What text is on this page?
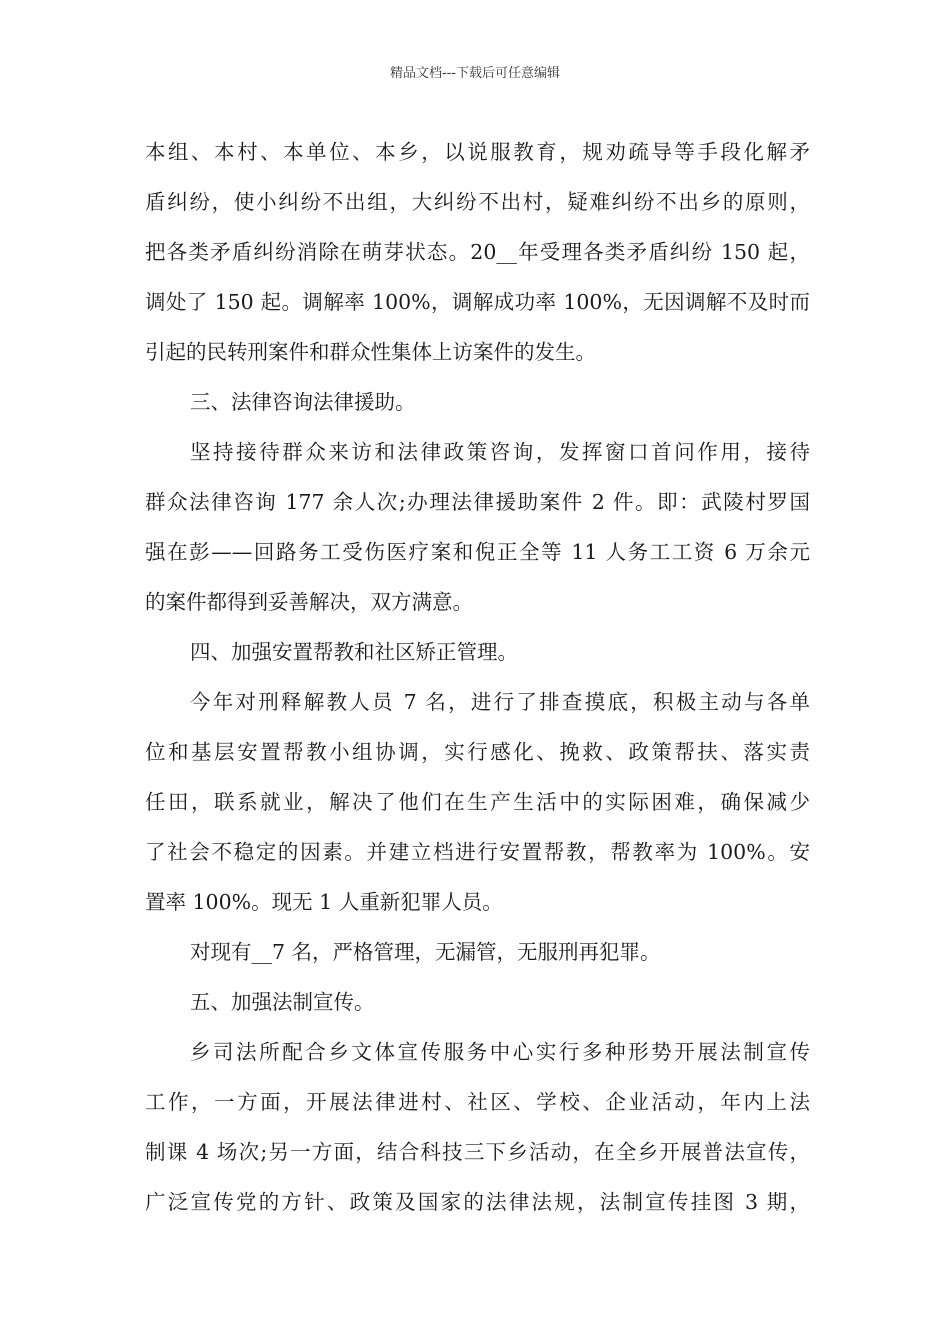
精品文档---下载后可任意编辑
本组、本村、本单位、本乡，以说服教育，规劝疏导等手段化解矛
盾纠纷，使小纠纷不出组，大纠纷不出村，疑难纠纷不出乡的原则，
把各类矛盾纠纷消除在萌芽状态。20__年受理各类矛盾纠纷 150 起，
调处了 150 起。调解率 100%，调解成功率 100%，无因调解不及时而
引起的民转刑案件和群众性集体上访案件的发生。
三、法律咨询法律援助。
坚持接待群众来访和法律政策咨询，发挥窗口首问作用，接待
群众法律咨询 177 余人次;办理法律援助案件 2 件。即：武陵村罗国
强在彭——回路务工受伤医疗案和倪正全等 11 人务工工资 6 万余元
的案件都得到妥善解决，双方满意。
四、加强安置帮教和社区矫正管理。
今年对刑释解教人员 7 名，进行了排查摸底，积极主动与各单
位和基层安置帮教小组协调，实行感化、挽救、政策帮扶、落实责
任田，联系就业，解决了他们在生产生活中的实际困难，确保减少
了社会不稳定的因素。并建立档进行安置帮教，帮教率为 100%。安
置率 100%。现无 1 人重新犯罪人员。
对现有__7 名，严格管理，无漏管，无服刑再犯罪。
五、加强法制宣传。
乡司法所配合乡文体宣传服务中心实行多种形势开展法制宣传
工作，一方面，开展法律进村、社区、学校、企业活动，年内上法
制课 4 场次;另一方面，结合科技三下乡活动，在全乡开展普法宣传，
广泛宣传党的方针、政策及国家的法律法规，法制宣传挂图 3 期，
